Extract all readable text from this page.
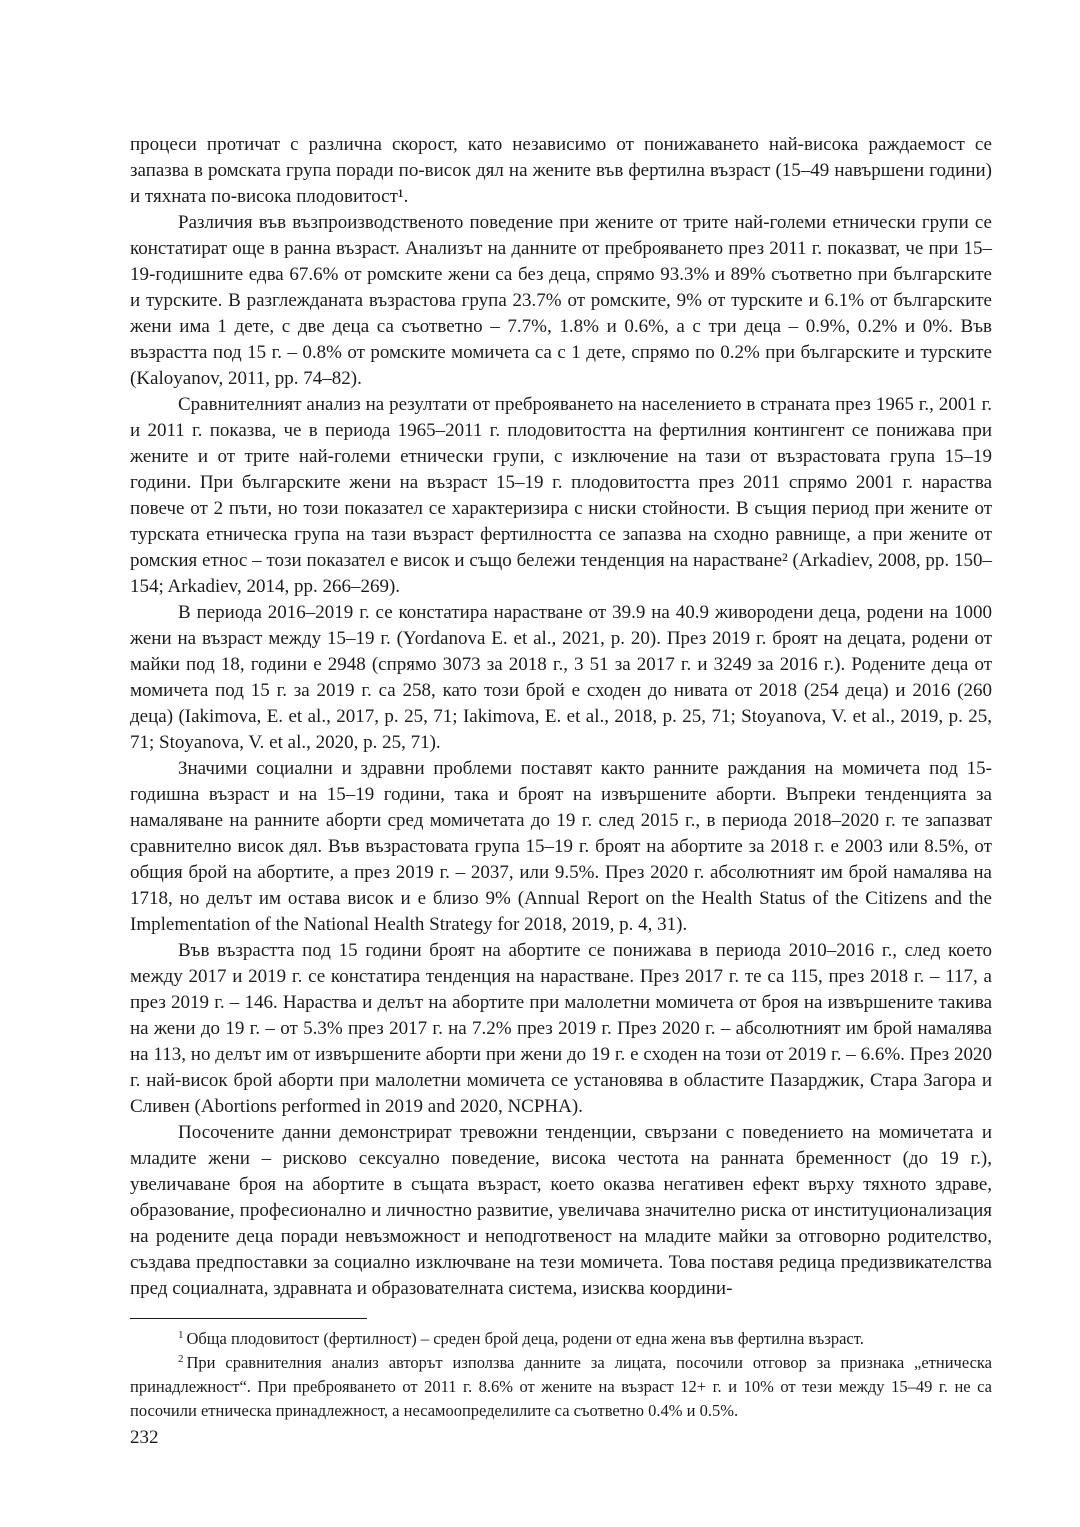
процеси протичат с различна скорост, като независимо от понижаването най-висока раждаемост се запазва в ромската група поради по-висок дял на жените във фертилна възраст (15–49 навършени години) и тяхната по-висока плодовитост¹.

Различия във възпроизводственото поведение при жените от трите най-големи етнически групи се констатират още в ранна възраст. Анализът на данните от преброяването през 2011 г. показват, че при 15–19-годишните едва 67.6% от ромските жени са без деца, спрямо 93.3% и 89% съответно при българските и турските. В разглежданата възрастова група 23.7% от ромските, 9% от турските и 6.1% от българските жени има 1 дете, с две деца са съответно – 7.7%, 1.8% и 0.6%, а с три деца – 0.9%, 0.2% и 0%. Във възрастта под 15 г. – 0.8% от ромските момичета са с 1 дете, спрямо по 0.2% при българските и турските (Kaloyanov, 2011, pp. 74–82).

Сравнителният анализ на резултати от преброяването на населението в страната през 1965 г., 2001 г. и 2011 г. показва, че в периода 1965–2011 г. плодовитостта на фертилния контингент се понижава при жените и от трите най-големи етнически групи, с изключение на тази от възрастовата група 15–19 години. При българските жени на възраст 15–19 г. плодовитостта през 2011 спрямо 2001 г. нараства повече от 2 пъти, но този показател се характеризира с ниски стойности. В същия период при жените от турската етническа група на тази възраст фертилността се запазва на сходно равнище, а при жените от ромския етнос – този показател е висок и също бележи тенденция на нарастване² (Arkadiev, 2008, pp. 150–154; Arkadiev, 2014, pp. 266–269).

В периода 2016–2019 г. се констатира нарастване от 39.9 на 40.9 живородени деца, родени на 1000 жени на възраст между 15–19 г. (Yordanova E. et al., 2021, p. 20). През 2019 г. броят на децата, родени от майки под 18, години е 2948 (спрямо 3073 за 2018 г., 3 51 за 2017 г. и 3249 за 2016 г.). Родените деца от момичета под 15 г. за 2019 г. са 258, като този брой е сходен до нивата от 2018 (254 деца) и 2016 (260 деца) (Iakimova, E. et al., 2017, p. 25, 71; Iakimova, E. et al., 2018, p. 25, 71; Stoyanova, V. et al., 2019, p. 25, 71; Stoyanova, V. et al., 2020, p. 25, 71).

Значими социални и здравни проблеми поставят както ранните раждания на момичета под 15-годишна възраст и на 15–19 години, така и броят на извършените аборти. Въпреки тенденцията за намаляване на ранните аборти сред момичетата до 19 г. след 2015 г., в периода 2018–2020 г. те запазват сравнително висок дял. Във възрастовата група 15–19 г. броят на абортите за 2018 г. е 2003 или 8.5%, от общия брой на абортите, а през 2019 г. – 2037, или 9.5%. През 2020 г. абсолютният им брой намалява на 1718, но делът им остава висок и е близо 9% (Annual Report on the Health Status of the Citizens and the Implementation of the National Health Strategy for 2018, 2019, p. 4, 31).

Във възрастта под 15 години броят на абортите се понижава в периода 2010–2016 г., след което между 2017 и 2019 г. се констатира тенденция на нарастване. През 2017 г. те са 115, през 2018 г. – 117, а през 2019 г. – 146. Нараства и делът на абортите при малолетни момичета от броя на извършените такива на жени до 19 г. – от 5.3% през 2017 г. на 7.2% през 2019 г. През 2020 г. – абсолютният им брой намалява на 113, но делът им от извършените аборти при жени до 19 г. е сходен на този от 2019 г. – 6.6%. През 2020 г. най-висок брой аборти при малолетни момичета се установява в областите Пазарджик, Стара Загора и Сливен (Abortions performed in 2019 and 2020, NCPHA).

Посочените данни демонстрират тревожни тенденции, свързани с поведението на момичетата и младите жени – рисково сексуално поведение, висока честота на ранната бременност (до 19 г.), увеличаване броя на абортите в същата възраст, което оказва негативен ефект върху тяхното здраве, образование, професионално и личностно развитие, увеличава значително риска от институционализация на родените деца поради невъзможност и неподготвеност на младите майки за отговорно родителство, създава предпоставки за социално изключване на тези момичета. Това поставя редица предизвикателства пред социалната, здравната и образователната система, изисква координи-

$^1$ Обща плодовитост (фертилност) – среден брой деца, родени от една жена във фертилна възраст.

$^2$ При сравнителния анализ авторът използва данните за лицата, посочили отговор за признака „етническа принадлежност“. При преброяването от 2011 г. 8.6% от жените на възраст 12+ г. и 10% от тези между 15–49 г. не са посочили етническа принадлежност, а несамоопределилите са съответно 0.4% и 0.5%.

232
